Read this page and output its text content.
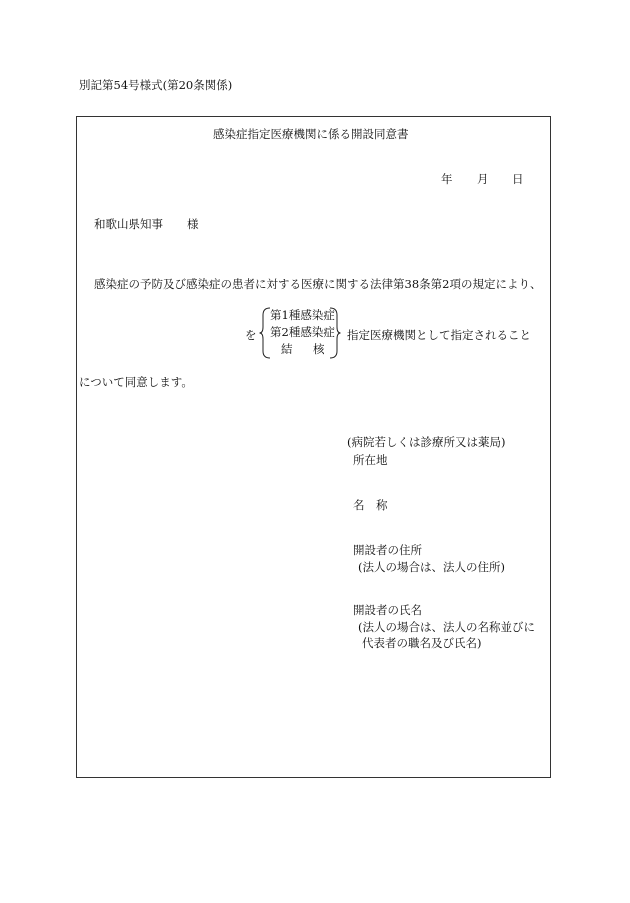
別記第54号様式(第20条関係)
感染症指定医療機関に係る開設同意書
年 月 日
和歌山県知事 様
感染症の予防及び感染症の患者に対する医療に関する法律第38条第2項の規定により、
を
第1種感染症
第2種感染症
結 核
指定医療機関として指定されること
について同意します。
(病院若しくは診療所又は薬局)
所在地
名 称
開設者の住所
(法人の場合は、法人の住所)
開設者の氏名
(法人の場合は、法人の名称並びに
代表者の職名及び氏名)
